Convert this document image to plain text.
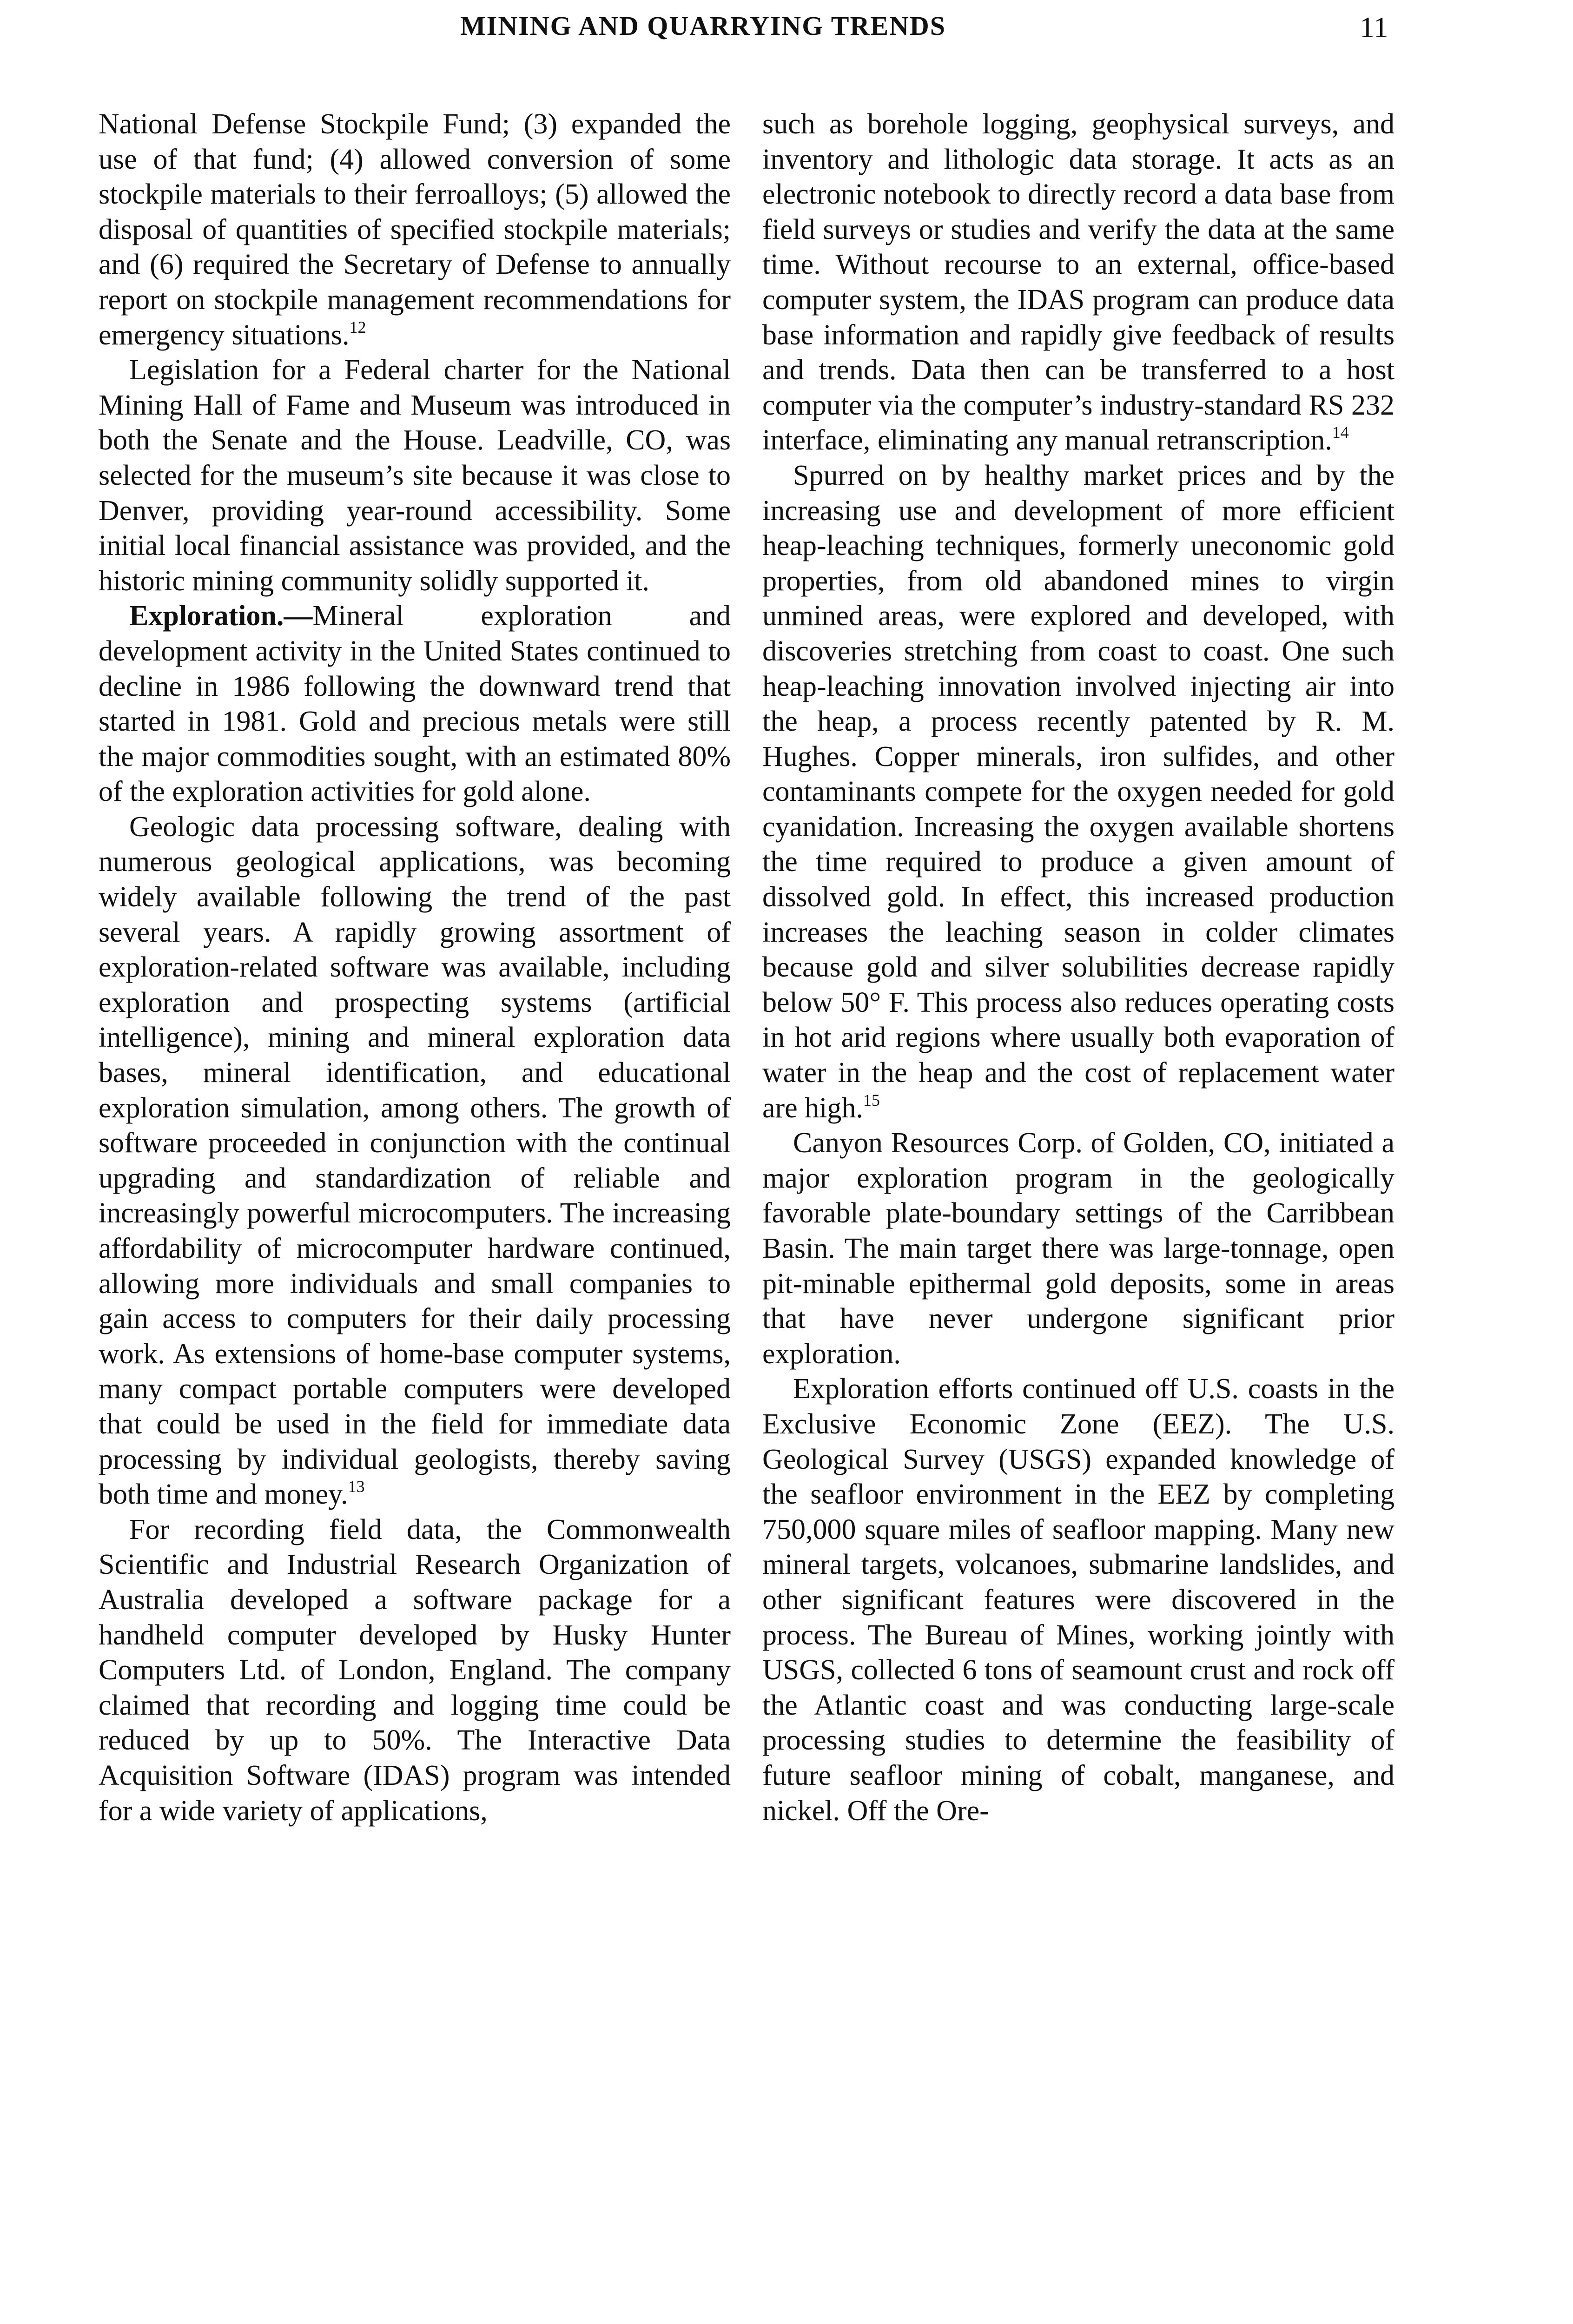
MINING AND QUARRYING TRENDS	11

National Defense Stockpile Fund; (3) expanded the use of that fund; (4) allowed conversion of some stockpile materials to their ferroalloys; (5) allowed the disposal of quantities of specified stockpile materials; and (6) required the Secretary of Defense to annually report on stockpile management recommendations for emergency situations.$^{12}$

Legislation for a Federal charter for the National Mining Hall of Fame and Museum was introduced in both the Senate and the House. Leadville, CO, was selected for the museum’s site because it was close to Denver, providing year-round accessibility. Some initial local financial assistance was provided, and the historic mining community solidly supported it.

Exploration.—Mineral exploration and development activity in the United States continued to decline in 1986 following the downward trend that started in 1981. Gold and precious metals were still the major commodities sought, with an estimated 80% of the exploration activities for gold alone.

Geologic data processing software, dealing with numerous geological applications, was becoming widely available following the trend of the past several years. A rapidly growing assortment of exploration-related software was available, including exploration and prospecting systems (artificial intelligence), mining and mineral exploration data bases, mineral identification, and educational exploration simulation, among others. The growth of software proceeded in conjunction with the continual upgrading and standardization of reliable and increasingly powerful microcomputers. The increasing affordability of microcomputer hardware continued, allowing more individuals and small companies to gain access to computers for their daily processing work. As extensions of home-base computer systems, many compact portable computers were developed that could be used in the field for immediate data processing by individual geologists, thereby saving both time and money.$^{13}$

For recording field data, the Commonwealth Scientific and Industrial Research Organization of Australia developed a software package for a handheld computer developed by Husky Hunter Computers Ltd. of London, England. The company claimed that recording and logging time could be reduced by up to 50%. The Interactive Data Acquisition Software (IDAS) program was intended for a wide variety of applications,

such as borehole logging, geophysical surveys, and inventory and lithologic data storage. It acts as an electronic notebook to directly record a data base from field surveys or studies and verify the data at the same time. Without recourse to an external, office-based computer system, the IDAS program can produce data base information and rapidly give feedback of results and trends. Data then can be transferred to a host computer via the computer’s industry-standard RS 232 interface, eliminating any manual retranscription.$^{14}$

Spurred on by healthy market prices and by the increasing use and development of more efficient heap-leaching techniques, formerly uneconomic gold properties, from old abandoned mines to virgin unmined areas, were explored and developed, with discoveries stretching from coast to coast. One such heap-leaching innovation involved injecting air into the heap, a process recently patented by R. M. Hughes. Copper minerals, iron sulfides, and other contaminants compete for the oxygen needed for gold cyanidation. Increasing the oxygen available shortens the time required to produce a given amount of dissolved gold. In effect, this increased production increases the leaching season in colder climates because gold and silver solubilities decrease rapidly below 50° F. This process also reduces operating costs in hot arid regions where usually both evaporation of water in the heap and the cost of replacement water are high.$^{15}$

Canyon Resources Corp. of Golden, CO, initiated a major exploration program in the geologically favorable plate-boundary settings of the Carribbean Basin. The main target there was large-tonnage, open pit-minable epithermal gold deposits, some in areas that have never undergone significant prior exploration.

Exploration efforts continued off U.S. coasts in the Exclusive Economic Zone (EEZ). The U.S. Geological Survey (USGS) expanded knowledge of the seafloor environment in the EEZ by completing 750,000 square miles of seafloor mapping. Many new mineral targets, volcanoes, submarine landslides, and other significant features were discovered in the process. The Bureau of Mines, working jointly with USGS, collected 6 tons of seamount crust and rock off the Atlantic coast and was conducting large-scale processing studies to determine the feasibility of future seafloor mining of cobalt, manganese, and nickel. Off the Ore-
